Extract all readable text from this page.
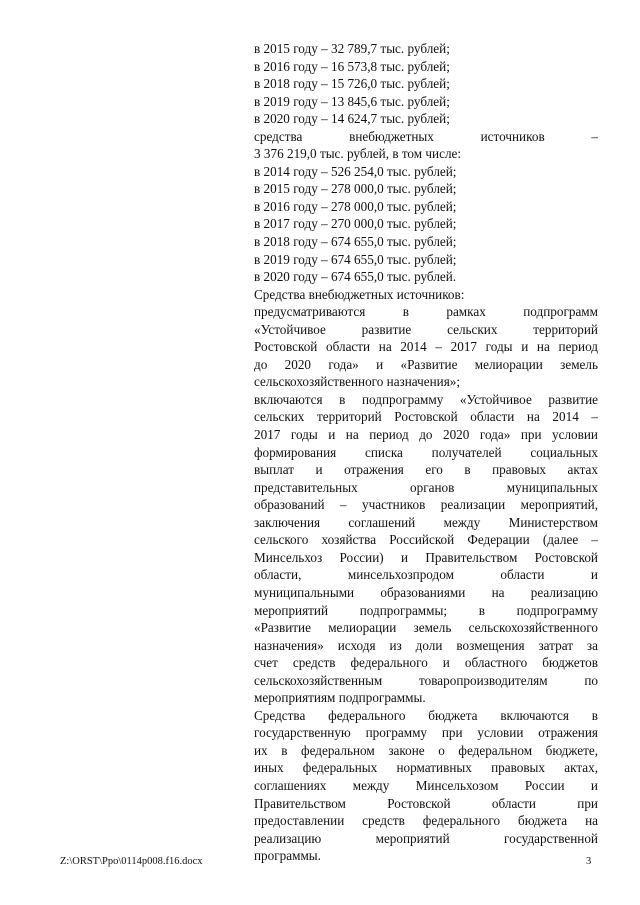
в 2015 году – 32 789,7 тыс. рублей;
в 2016 году – 16 573,8 тыс. рублей;
в 2018 году – 15 726,0 тыс. рублей;
в 2019 году – 13 845,6 тыс. рублей;
в 2020 году – 14 624,7 тыс. рублей;
средства внебюджетных источников –
3 376 219,0 тыс. рублей, в том числе:
в 2014 году – 526 254,0 тыс. рублей;
в 2015 году – 278 000,0 тыс. рублей;
в 2016 году – 278 000,0 тыс. рублей;
в 2017 году – 270 000,0 тыс. рублей;
в 2018 году – 674 655,0 тыс. рублей;
в 2019 году – 674 655,0 тыс. рублей;
в 2020 году – 674 655,0 тыс. рублей.
Средства внебюджетных источников:
предусматриваются в рамках подпрограмм
«Устойчивое развитие сельских территорий
Ростовской области на 2014 – 2017 годы и на период
до 2020 года» и «Развитие мелиорации земель
сельскохозяйственного назначения»;
включаются в подпрограмму «Устойчивое развитие
сельских территорий Ростовской области на 2014 –
2017 годы и на период до 2020 года» при условии
формирования списка получателей социальных
выплат и отражения его в правовых актах
представительных органов муниципальных
образований – участников реализации мероприятий,
заключения соглашений между Министерством
сельского хозяйства Российской Федерации (далее –
Минсельхоз России) и Правительством Ростовской
области, минсельхозпродом области и
муниципальными образованиями на реализацию
мероприятий подпрограммы; в подпрограмму
«Развитие мелиорации земель сельскохозяйственного
назначения» исходя из доли возмещения затрат за
счет средств федерального и областного бюджетов
сельскохозяйственным товаропроизводителям по
мероприятиям подпрограммы.
Средства федерального бюджета включаются в
государственную программу при условии отражения
их в федеральном законе о федеральном бюджете,
иных федеральных нормативных правовых актах,
соглашениях между Минсельхозом России и
Правительством Ростовской области при
предоставлении средств федерального бюджета на
реализацию мероприятий государственной
программы.
Z:\ORST\Ppo\0114p008.f16.docx	3
